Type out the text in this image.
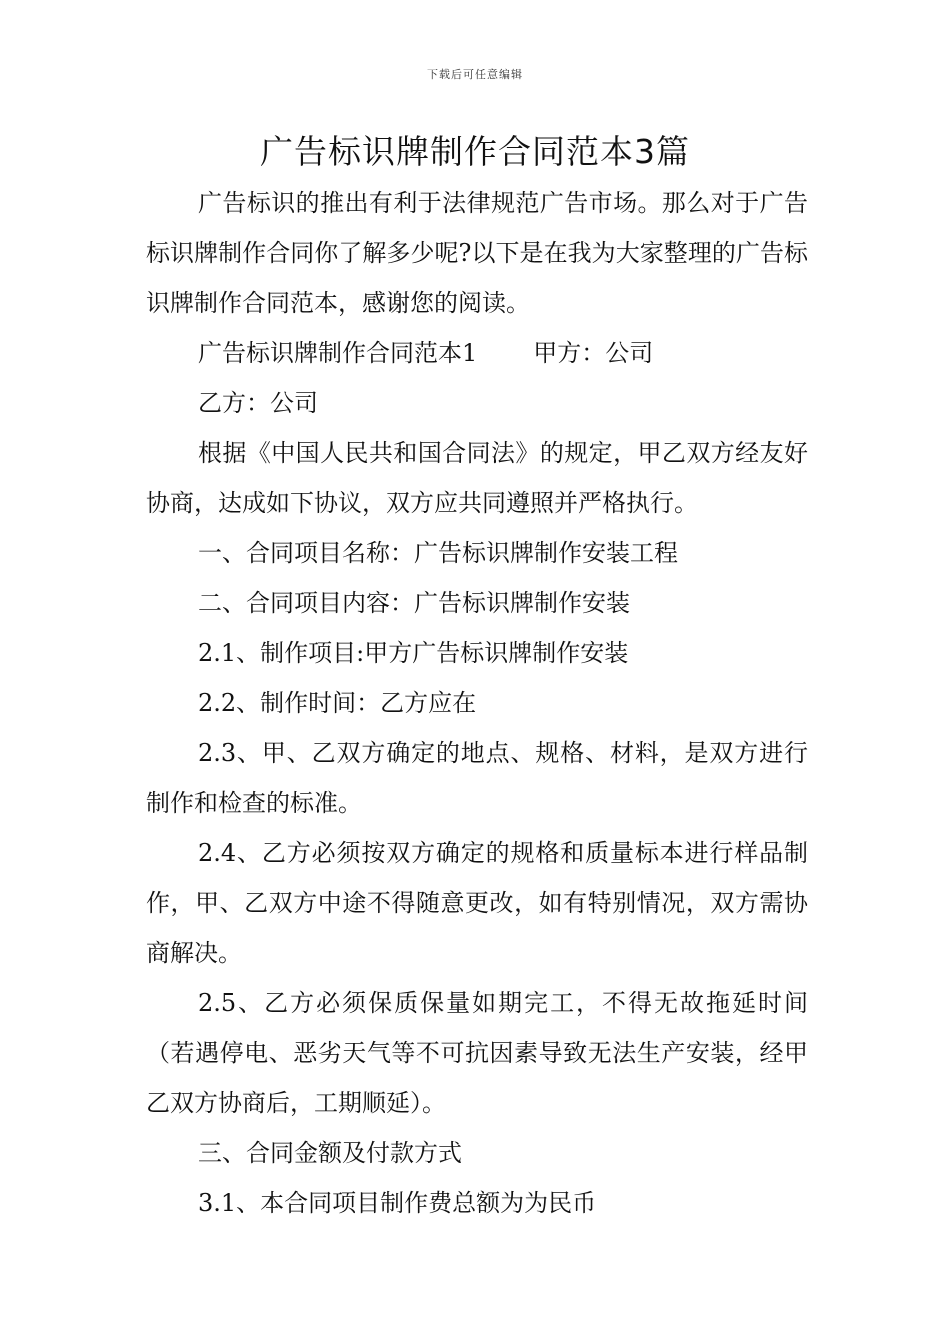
下载后可任意编辑
广告标识牌制作合同范本3篇

广告标识的推出有利于法律规范广告市场。那么对于广告标识牌制作合同你了解多少呢?以下是在我为大家整理的广告标识牌制作合同范本，感谢您的阅读。

广告标识牌制作合同范本1 甲方：公司

乙方：公司

根据《中国人民共和国合同法》的规定，甲乙双方经友好协商，达成如下协议，双方应共同遵照并严格执行。

一、合同项目名称：广告标识牌制作安装工程

二、合同项目内容：广告标识牌制作安装

2.1、制作项目:甲方广告标识牌制作安装

2.2、制作时间：乙方应在

2.3、甲、乙双方确定的地点、规格、材料，是双方进行制作和检查的标准。

2.4、乙方必须按双方确定的规格和质量标本进行样品制作，甲、乙双方中途不得随意更改，如有特别情况，双方需协商解决。

2.5、乙方必须保质保量如期完工，不得无故拖延时间（若遇停电、恶劣天气等不可抗因素导致无法生产安装，经甲乙双方协商后，工期顺延）。

三、合同金额及付款方式

3.1、本合同项目制作费总额为为民币
